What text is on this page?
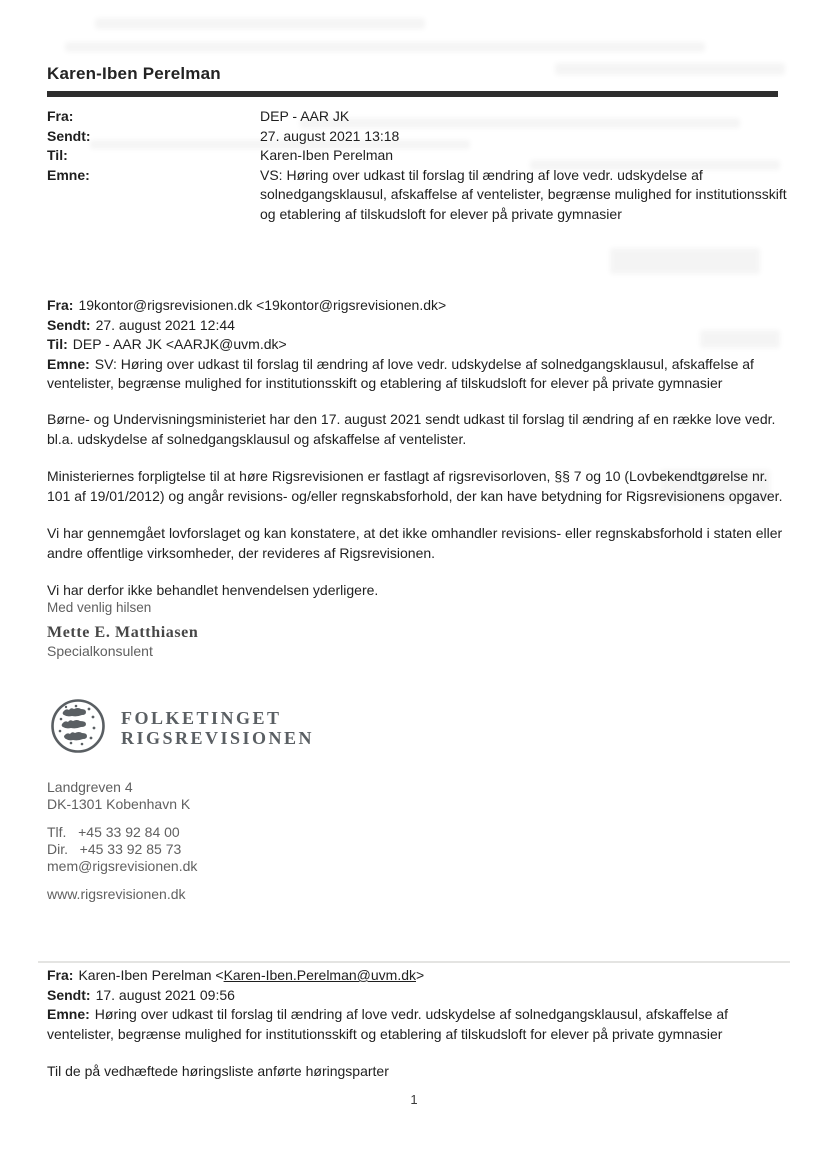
Karen-Iben Perelman
Fra:	DEP - AAR JK
Sendt:	27. august 2021 13:18
Til:	Karen-Iben Perelman
Emne:	VS: Høring over udkast til forslag til ændring af love vedr. udskydelse af solnedgangsklausul, afskaffelse af ventelister, begrænse mulighed for institutionsskift og etablering af tilskudsloft for elever på private gymnasier
Fra: 19kontor@rigsrevisionen.dk <19kontor@rigsrevisionen.dk>
Sendt: 27. august 2021 12:44
Til: DEP - AAR JK <AARJK@uvm.dk>
Emne: SV: Høring over udkast til forslag til ændring af love vedr. udskydelse af solnedgangsklausul, afskaffelse af ventelister, begrænse mulighed for institutionsskift og etablering af tilskudsloft for elever på private gymnasier

Børne- og Undervisningsministeriet har den 17. august 2021 sendt udkast til forslag til ændring af en række love vedr. bl.a. udskydelse af solnedgangsklausul og afskaffelse af ventelister.

Ministeriernes forpligtelse til at høre Rigsrevisionen er fastlagt af rigsrevisorloven, §§ 7 og 10 (Lovbekendtgørelse nr. 101 af 19/01/2012) og angår revisions- og/eller regnskabsforhold, der kan have betydning for Rigsrevisionens opgaver.

Vi har gennemgået lovforslaget og kan konstatere, at det ikke omhandler revisions- eller regnskabsforhold i staten eller andre offentlige virksomheder, der revideres af Rigsrevisionen.

Vi har derfor ikke behandlet henvendelsen yderligere.

Med venlig hilsen
Mette E. Matthiasen
Specialkonsulent
FOLKETINGET
RIGSREVISIONEN
Landgreven 4
DK-1301 Kobenhavn K
Tlf.   +45 33 92 84 00
Dir.   +45 33 92 85 73
mem@rigsrevisionen.dk
www.rigsrevisionen.dk
Fra: Karen-Iben Perelman <Karen-Iben.Perelman@uvm.dk>
Sendt: 17. august 2021 09:56
Emne: Høring over udkast til forslag til ændring af love vedr. udskydelse af solnedgangsklausul, afskaffelse af ventelister, begrænse mulighed for institutionsskift og etablering af tilskudsloft for elever på private gymnasier
Til de på vedhæftede høringsliste anførte høringsparter
1
